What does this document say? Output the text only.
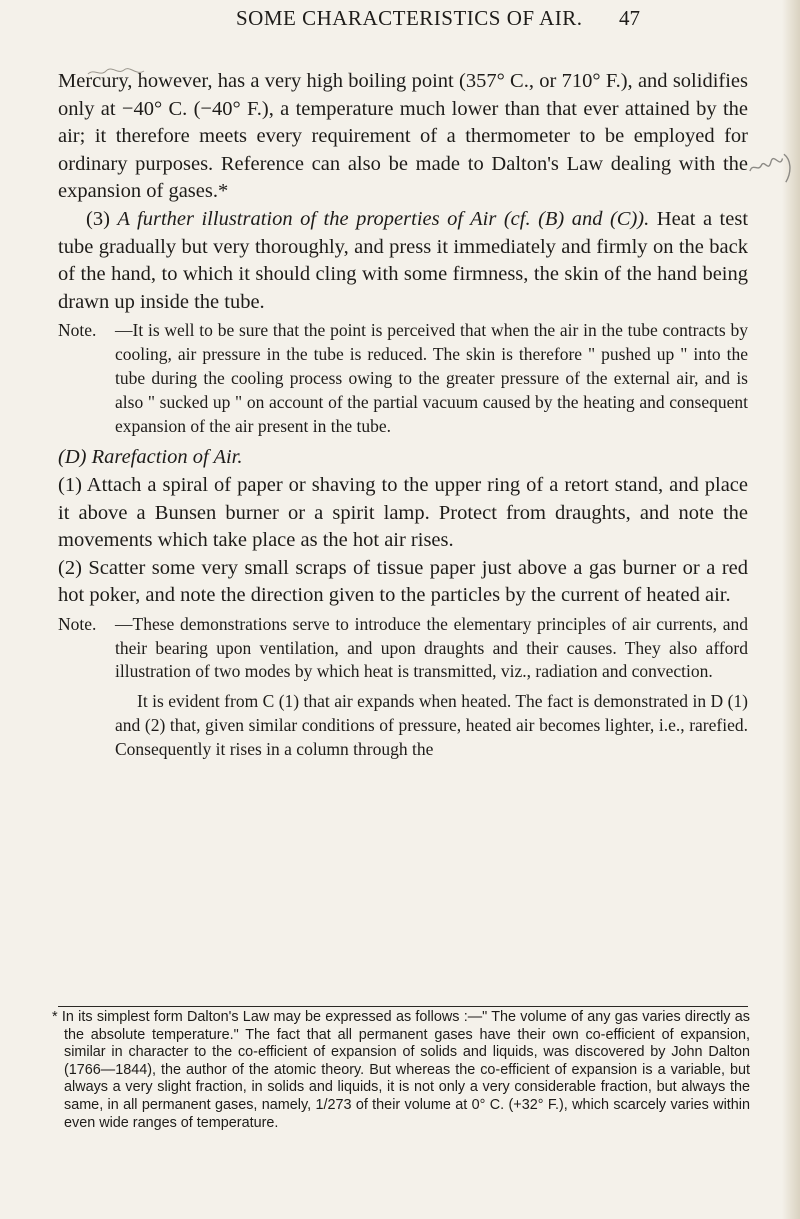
SOME CHARACTERISTICS OF AIR. 47

Mercury, however, has a very high boiling point (357° C., or 710° F.), and solidifies only at −40° C. (−40° F.), a temperature much lower than that ever attained by the air; it therefore meets every requirement of a thermometer to be employed for ordinary purposes. Reference can also be made to Dalton's Law dealing with the expansion of gases.*

(3) A further illustration of the properties of Air (cf. (B) and (C)). Heat a test tube gradually but very thoroughly, and press it immediately and firmly on the back of the hand, to which it should cling with some firmness, the skin of the hand being drawn up inside the tube.

Note. —It is well to be sure that the point is perceived that when the air in the tube contracts by cooling, air pressure in the tube is reduced. The skin is therefore " pushed up " into the tube during the cooling process owing to the greater pressure of the external air, and is also " sucked up " on account of the partial vacuum caused by the heating and consequent expansion of the air present in the tube.

(D) Rarefaction of Air.

(1) Attach a spiral of paper or shaving to the upper ring of a retort stand, and place it above a Bunsen burner or a spirit lamp. Protect from draughts, and note the movements which take place as the hot air rises.

(2) Scatter some very small scraps of tissue paper just above a gas burner or a red hot poker, and note the direction given to the particles by the current of heated air.

Note. —These demonstrations serve to introduce the elementary principles of air currents, and their bearing upon ventilation, and upon draughts and their causes. They also afford illustration of two modes by which heat is transmitted, viz., radiation and convection.

It is evident from C (1) that air expands when heated. The fact is demonstrated in D (1) and (2) that, given similar conditions of pressure, heated air becomes lighter, i.e., rarefied. Consequently it rises in a column through the

* In its simplest form Dalton's Law may be expressed as follows :—" The volume of any gas varies directly as the absolute temperature." The fact that all permanent gases have their own co-efficient of expansion, similar in character to the co-efficient of expansion of solids and liquids, was discovered by John Dalton (1766—1844), the author of the atomic theory. But whereas the co-efficient of expansion is a variable, but always a very slight fraction, in solids and liquids, it is not only a very considerable fraction, but always the same, in all permanent gases, namely, 1/273 of their volume at 0° C. (+32° F.), which scarcely varies within even wide ranges of temperature.
